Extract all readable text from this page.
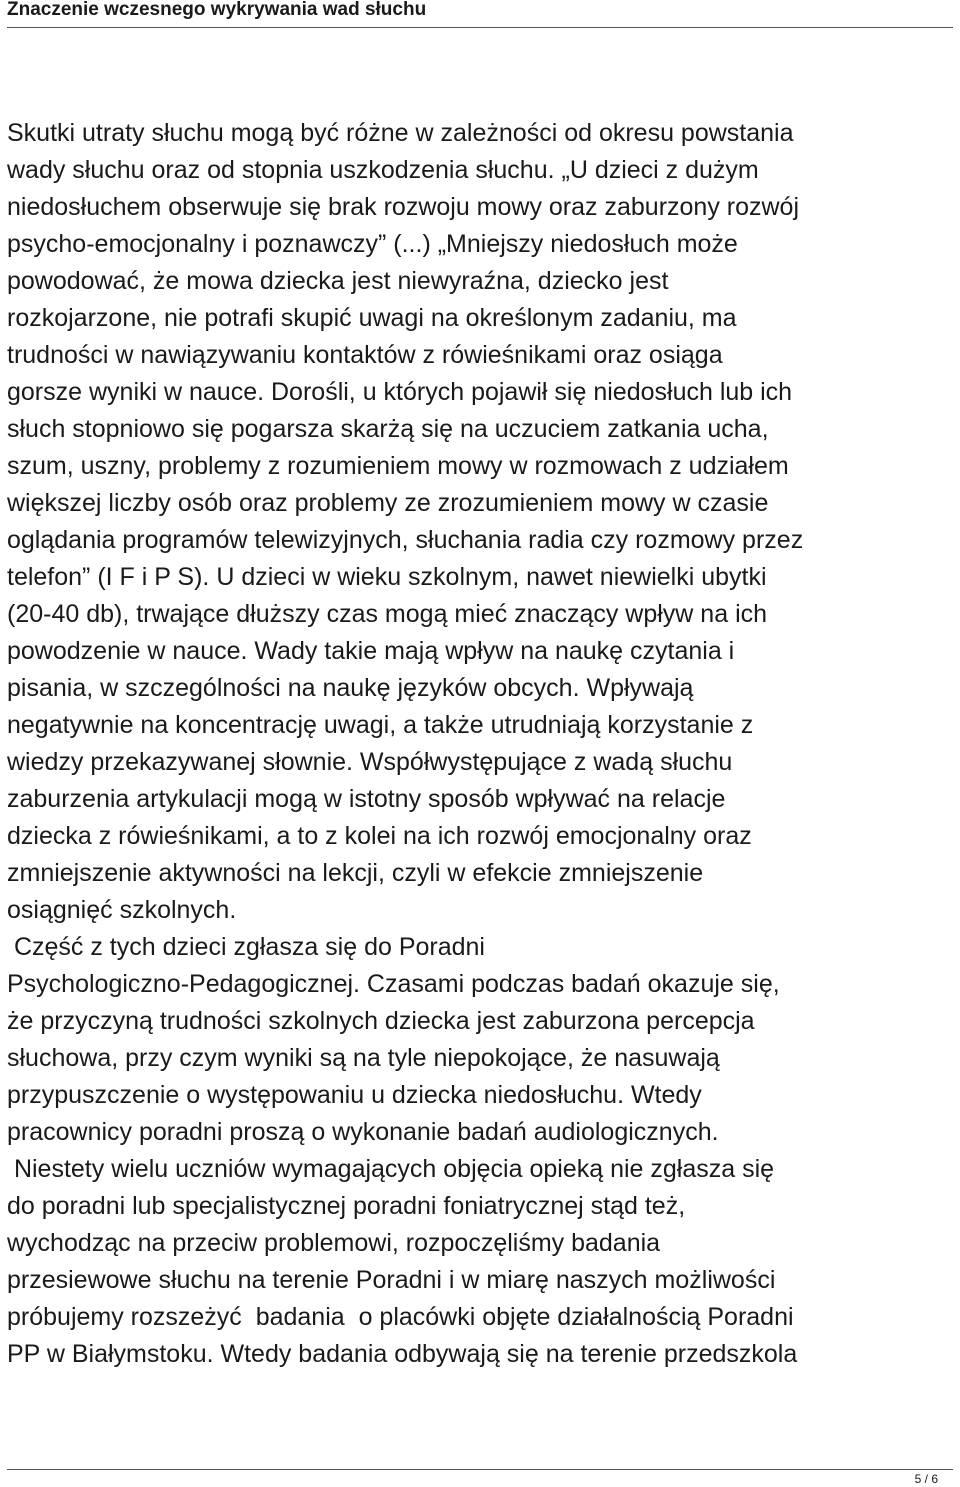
Znaczenie wczesnego wykrywania wad słuchu
Skutki utraty słuchu mogą być różne w zależności od okresu powstania
wady słuchu oraz od stopnia uszkodzenia słuchu. „U dzieci z dużym
niedosłuchem obserwuje się brak rozwoju mowy oraz zaburzony rozwój
psycho-emocjonalny i poznawczy” (...) „Mniejszy niedosłuch może
powodować, że mowa dziecka jest niewyraźna, dziecko jest
rozkojarzone, nie potrafi skupić uwagi na określonym zadaniu, ma
trudności w nawiązywaniu kontaktów z rówieśnikami oraz osiąga
gorsze wyniki w nauce. Dorośli, u których pojawił się niedosłuch lub ich
słuch stopniowo się pogarsza skarżą się na uczuciem zatkania ucha,
szum, uszny, problemy z rozumieniem mowy w rozmowach z udziałem
większej liczby osób oraz problemy ze zrozumieniem mowy w czasie
oglądania programów telewizyjnych, słuchania radia czy rozmowy przez
telefon” (I F i P S). U dzieci w wieku szkolnym, nawet niewielki ubytki
(20-40 db), trwające dłuższy czas mogą mieć znaczący wpływ na ich
powodzenie w nauce. Wady takie mają wpływ na naukę czytania i
pisania, w szczególności na naukę języków obcych. Wpływają
negatywnie na koncentrację uwagi, a także utrudniają korzystanie z
wiedzy przekazywanej słownie. Współwystępujące z wadą słuchu
zaburzenia artykulacji mogą w istotny sposób wpływać na relacje
dziecka z rówieśnikami, a to z kolei na ich rozwój emocjonalny oraz
zmniejszenie aktywności na lekcji, czyli w efekcie zmniejszenie
osiągnięć szkolnych.
Część z tych dzieci zgłasza się do Poradni
Psychologiczno-Pedagogicznej. Czasami podczas badań okazuje się,
że przyczyną trudności szkolnych dziecka jest zaburzona percepcja
słuchowa, przy czym wyniki są na tyle niepokojące, że nasuwają
przypuszczenie o występowaniu u dziecka niedosłuchu. Wtedy
pracownicy poradni proszą o wykonanie badań audiologicznych.
Niestety wielu uczniów wymagających objęcia opieką nie zgłasza się
do poradni lub specjalistycznej poradni foniatrycznej stąd też,
wychodząc na przeciw problemowi, rozpoczęliśmy badania
przesiewowe słuchu na terenie Poradni i w miarę naszych możliwości
próbujemy rozszeżyć  badania  o placówki objęte działalnością Poradni
PP w Białymstoku. Wtedy badania odbywają się na terenie przedszkola
5 / 6
